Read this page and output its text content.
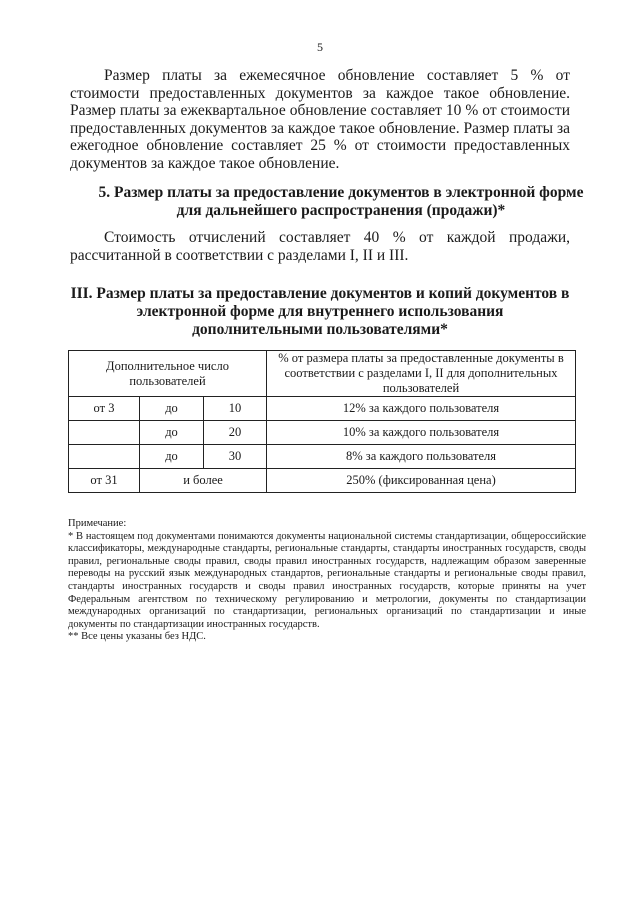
5

Размер платы за ежемесячное обновление составляет 5 % от стоимости предоставленных документов за каждое такое обновление. Размер платы за ежеквартальное обновление составляет 10 % от стоимости предоставленных документов за каждое такое обновление. Размер платы за ежегодное обновление составляет 25 % от стоимости предоставленных документов за каждое такое обновление.

5. Размер платы за предоставление документов в электронной форме для дальнейшего распространения (продажи)*

Стоимость отчислений составляет 40 % от каждой продажи, рассчитанной в соответствии с разделами I, II и III.

III. Размер платы за предоставление документов и копий документов в электронной форме для внутреннего использования дополнительными пользователями*

Дополнительное число пользователей			% от размера платы за предоставленные документы в соответствии с разделами I, II для дополнительных пользователей
от 3	до	10	12% за каждого пользователя
	до	20	10% за каждого пользователя
	до	30	8% за каждого пользователя
от 31	и более		250% (фиксированная цена)
Примечание:
* В настоящем под документами понимаются документы национальной системы стандартизации, общероссийские классификаторы, международные стандарты, региональные стандарты, стандарты иностранных государств, своды правил, региональные своды правил, своды правил иностранных государств, надлежащим образом заверенные переводы на русский язык международных стандартов, региональные стандарты и региональные своды правил, стандарты иностранных государств и своды правил иностранных государств, которые приняты на учет Федеральным агентством по техническому регулированию и метрологии, документы по стандартизации международных организаций по стандартизации, региональных организаций по стандартизации и иные документы по стандартизации иностранных государств.
** Все цены указаны без НДС.
